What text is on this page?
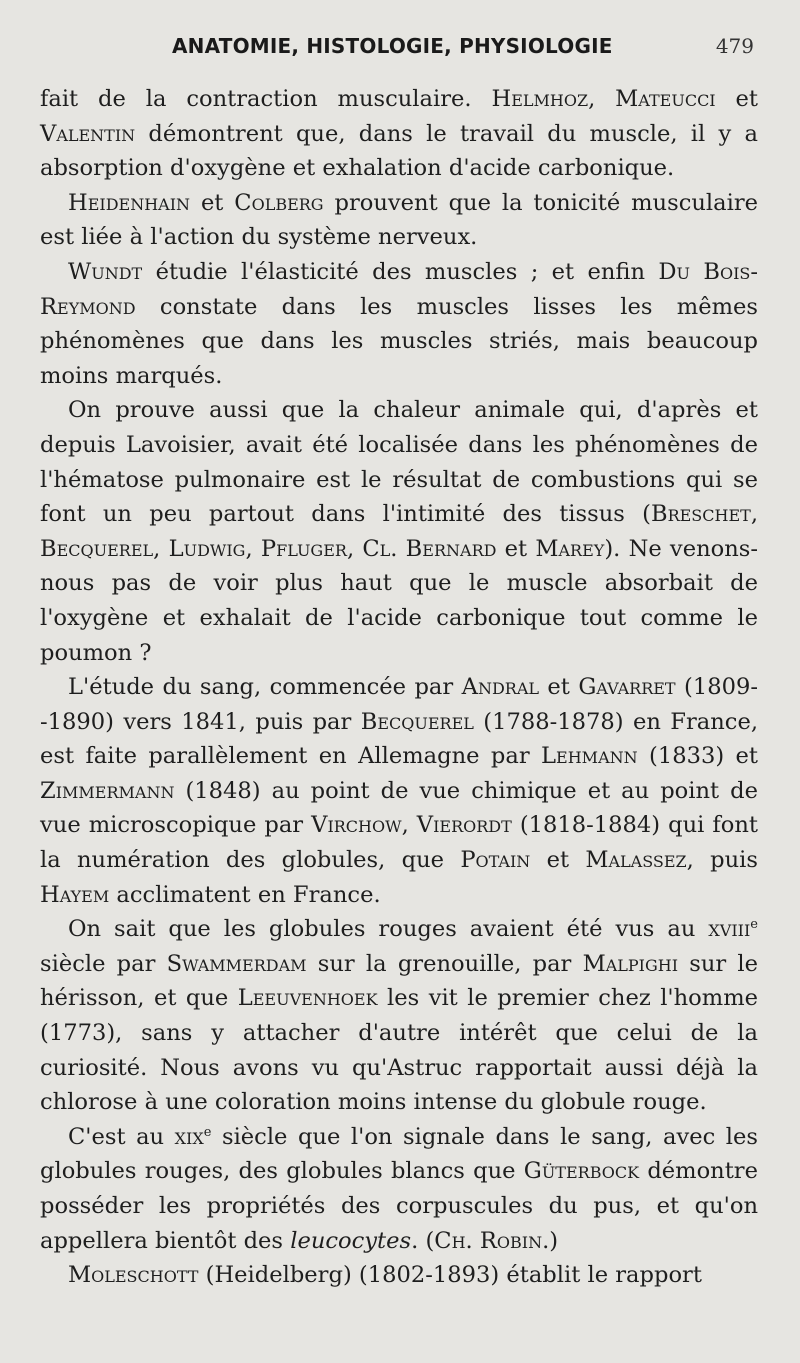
ANATOMIE, HISTOLOGIE, PHYSIOLOGIE	479

fait de la contraction musculaire. Helmhoz, Mateucci et Valentin démontrent que, dans le travail du muscle, il y a absorption d'oxygène et exhalation d'acide carbonique.

Heidenhain et Colberg prouvent que la tonicité musculaire est liée à l'action du système nerveux.

Wundt étudie l'élasticité des muscles ; et enfin Du Bois-Reymond constate dans les muscles lisses les mêmes phénomènes que dans les muscles striés, mais beaucoup moins marqués.

On prouve aussi que la chaleur animale qui, d'après et depuis Lavoisier, avait été localisée dans les phénomènes de l'hématose pulmonaire est le résultat de combustions qui se font un peu partout dans l'intimité des tissus (Breschet, Becquerel, Ludwig, Pfluger, Cl. Bernard et Marey). Ne venons-nous pas de voir plus haut que le muscle absorbait de l'oxygène et exhalait de l'acide carbonique tout comme le poumon ?

L'étude du sang, commencée par Andral et Gavarret (1809--1890) vers 1841, puis par Becquerel (1788-1878) en France, est faite parallèlement en Allemagne par Lehmann (1833) et Zimmermann (1848) au point de vue chimique et au point de vue microscopique par Virchow, Vierordt (1818-1884) qui font la numération des globules, que Potain et Malassez, puis Hayem acclimatent en France.

On sait que les globules rouges avaient été vus au xviii$^e$ siècle par Swammerdam sur la grenouille, par Malpighi sur le hérisson, et que Leeuvenhoek les vit le premier chez l'homme (1773), sans y attacher d'autre intérêt que celui de la curiosité. Nous avons vu qu'Astruc rapportait aussi déjà la chlorose à une coloration moins intense du globule rouge.

C'est au xix$^e$ siècle que l'on signale dans le sang, avec les globules rouges, des globules blancs que Güterbock démontre posséder les propriétés des corpuscules du pus, et qu'on appellera bientôt des leucocytes. (Ch. Robin.)

Moleschott (Heidelberg) (1802-1893) établit le rapport
